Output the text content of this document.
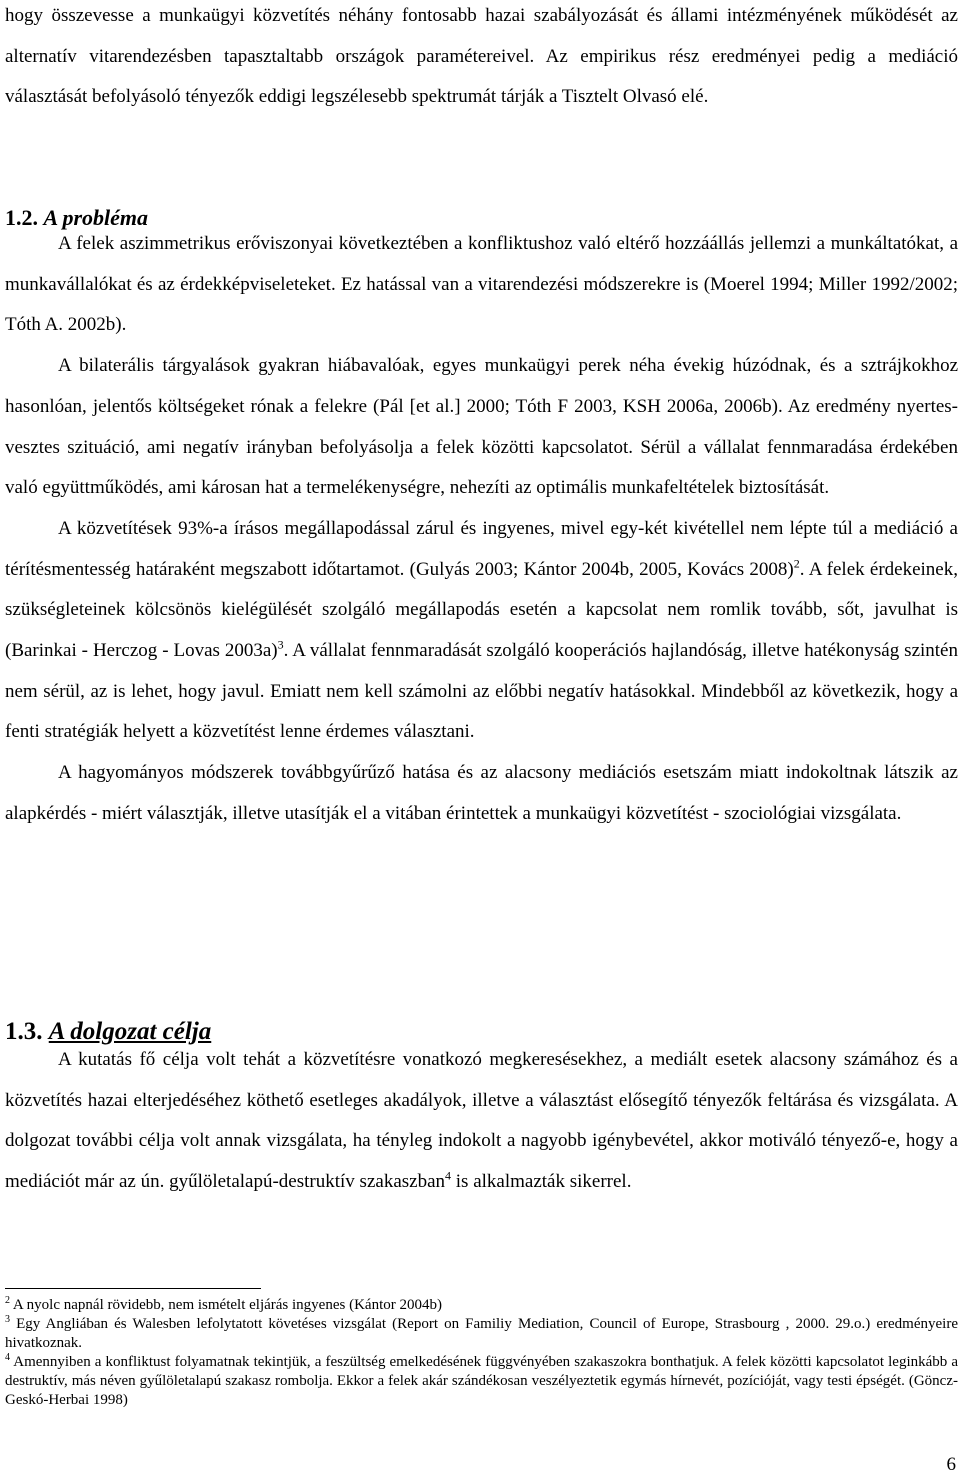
hogy összevesse a munkaügyi közvetítés néhány fontosabb hazai szabályozását és állami intézményének működését az alternatív vitarendezésben tapasztaltabb országok paramétereivel. Az empirikus rész eredményei pedig a mediáció választását befolyásoló tényezők eddigi legszélesebb spektrumát tárják a Tisztelt Olvasó elé.

1.2. A probléma

A felek aszimmetrikus erőviszonyai következtében a konfliktushoz való eltérő hozzáállás jellemzi a munkáltatókat, a munkavállalókat és az érdekképviseleteket. Ez hatással van a vitarendezési módszerekre is (Moerel 1994; Miller 1992/2002; Tóth A. 2002b).

A bilaterális tárgyalások gyakran hiábavalóak, egyes munkaügyi perek néha évekig húzódnak, és a sztrájkokhoz hasonlóan, jelentős költségeket rónak a felekre (Pál [et al.] 2000; Tóth F 2003, KSH 2006a, 2006b). Az eredmény nyertes-vesztes szituáció, ami negatív irányban befolyásolja a felek közötti kapcsolatot. Sérül a vállalat fennmaradása érdekében való együttműködés, ami károsan hat a termelékenységre, nehezíti az optimális munkafeltételek biztosítását.

A közvetítések 93%-a írásos megállapodással zárul és ingyenes, mivel egy-két kivétellel nem lépte túl a mediáció a térítésmentesség határaként megszabott időtartamot. (Gulyás 2003; Kántor 2004b, 2005, Kovács 2008)$^2$. A felek érdekeinek, szükségleteinek kölcsönös kielégülését szolgáló megállapodás esetén a kapcsolat nem romlik tovább, sőt, javulhat is (Barinkai - Herczog - Lovas 2003a)$^3$. A vállalat fennmaradását szolgáló kooperációs hajlandóság, illetve hatékonyság szintén nem sérül, az is lehet, hogy javul. Emiatt nem kell számolni az előbbi negatív hatásokkal. Mindebből az következik, hogy a fenti stratégiák helyett a közvetítést lenne érdemes választani.

A hagyományos módszerek továbbgyűrűző hatása és az alacsony mediációs esetszám miatt indokoltnak látszik az alapkérdés - miért választják, illetve utasítják el a vitában érintettek a munkaügyi közvetítést - szociológiai vizsgálata.

1.3. A dolgozat célja

A kutatás fő célja volt tehát a közvetítésre vonatkozó megkeresésekhez, a mediált esetek alacsony számához és a közvetítés hazai elterjedéséhez köthető esetleges akadályok, illetve a választást elősegítő tényezők feltárása és vizsgálata. A dolgozat további célja volt annak vizsgálata, ha tényleg indokolt a nagyobb igénybevétel, akkor motiváló tényező-e, hogy a mediációt már az ún. gyűlöletalapú-destruktív szakaszban$^4$ is alkalmazták sikerrel.

$^2$ A nyolc napnál rövidebb, nem ismételt eljárás ingyenes (Kántor 2004b)

$^3$ Egy Angliában és Walesben lefolytatott követéses vizsgálat (Report on Familiy Mediation, Council of Europe, Strasbourg , 2000. 29.o.) eredményeire hivatkoznak.

$^4$ Amennyiben a konfliktust folyamatnak tekintjük, a feszültség emelkedésének függvényében szakaszokra bonthatjuk. A felek közötti kapcsolatot leginkább a destruktív, más néven gyűlöletalapú szakasz rombolja. Ekkor a felek akár szándékosan veszélyeztetik egymás hírnevét, pozícióját, vagy testi épségét. (Göncz-Geskó-Herbai 1998)

6
